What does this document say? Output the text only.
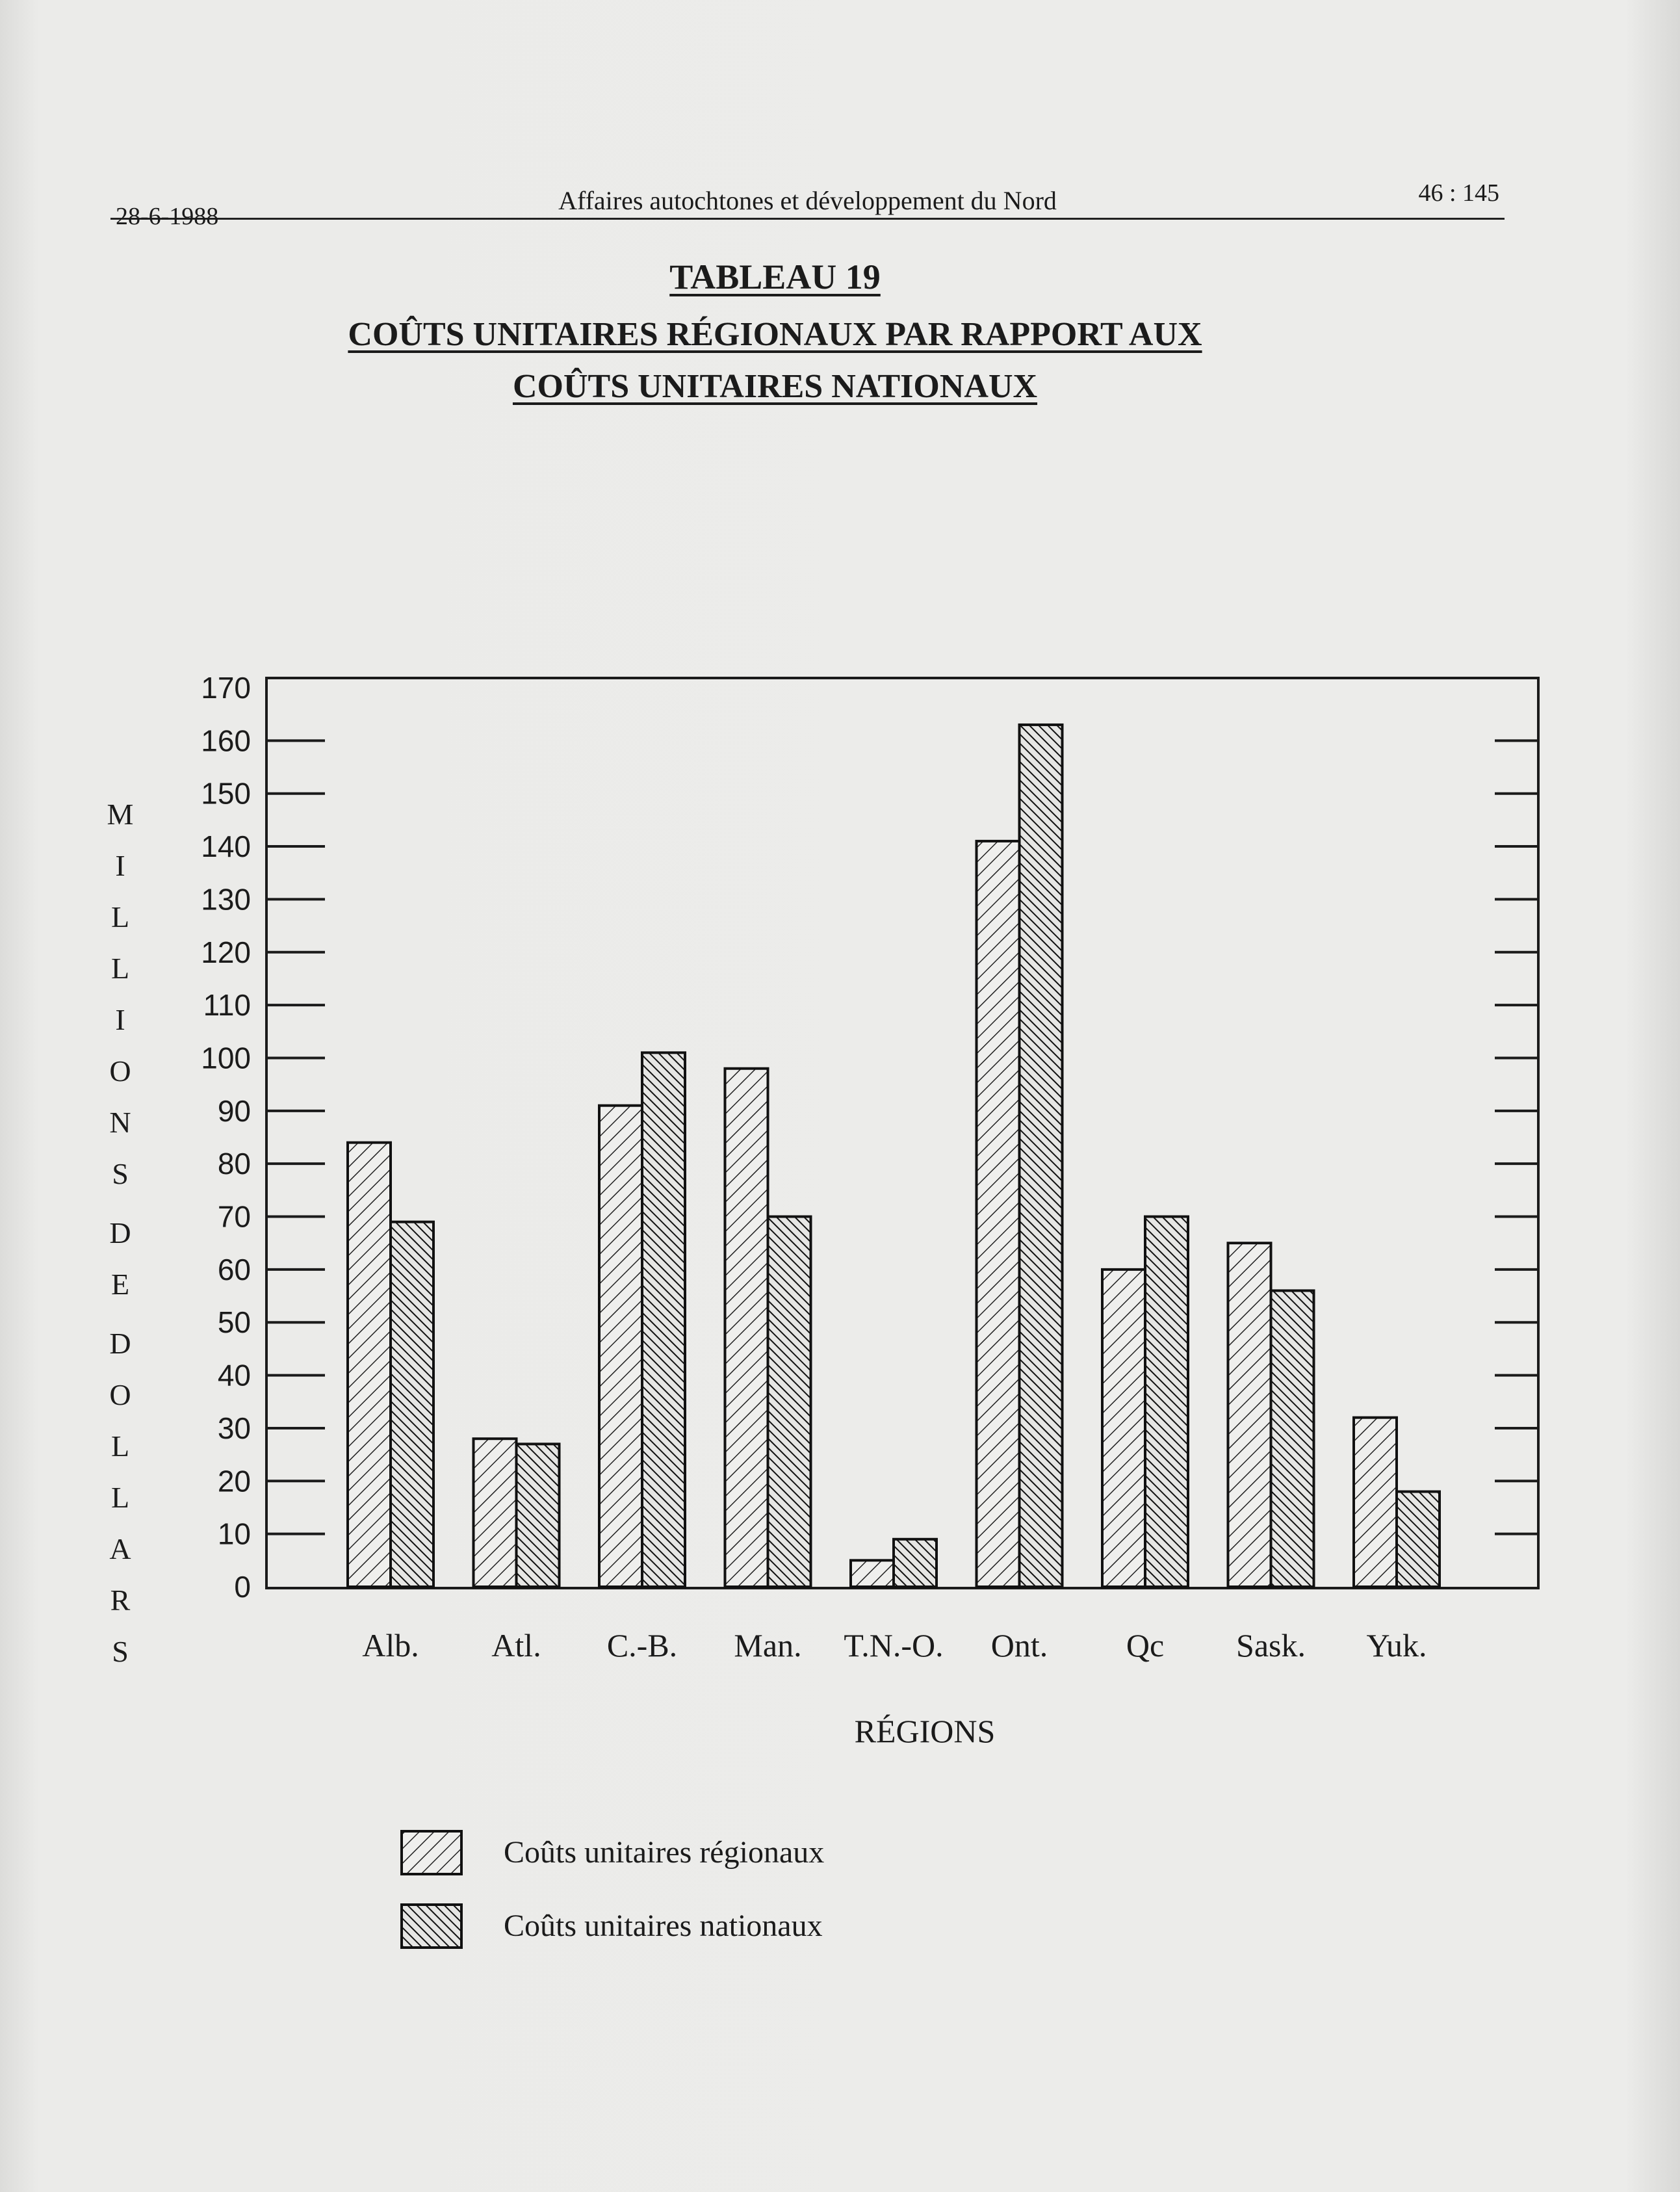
28-6-1988
Affaires autochtones et développement du Nord	46 : 145
TABLEAU 19
COÛTS UNITAIRES RÉGIONAUX PAR RAPPORT AUX
COÛTS UNITAIRES NATIONAUX
M
I
L
L
I
O
N
S
D
E
D
O
L
L
A
R
S
0
10
20
30
40
50
60
70
80
90
100
110
120
130
140
150
160
170
Alb. Atl. C.-B. Man. T.N.-O. Ont. Qc Sask. Yuk.
RÉGIONS
Coûts unitaires régionaux
Coûts unitaires nationaux
